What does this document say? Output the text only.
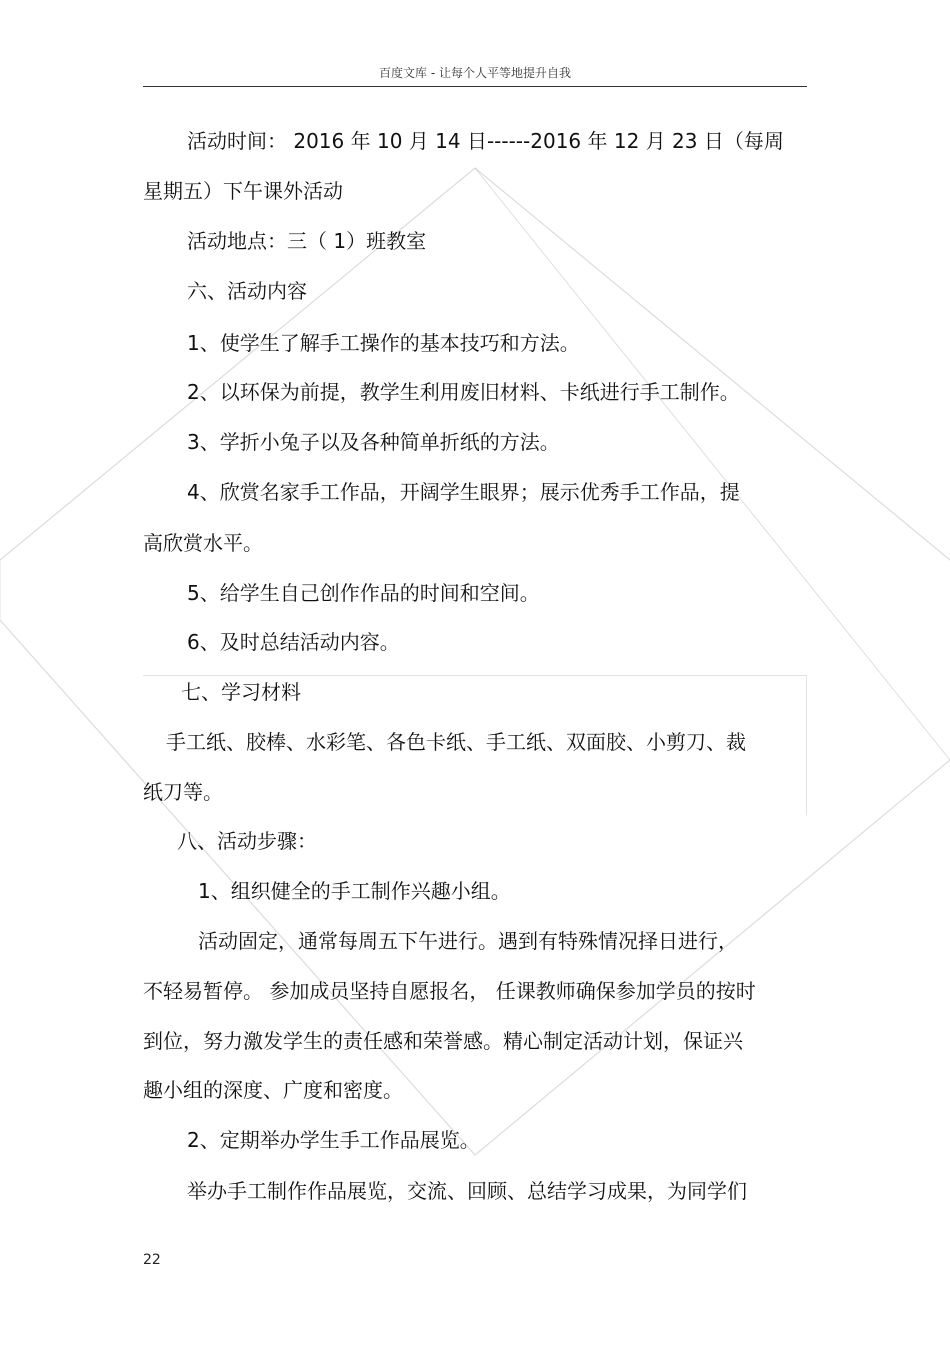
百度文库 - 让每个人平等地提升自我
活动时间： 2016 年 10 月 14 日------2016 年 12 月 23 日（每周
星期五）下午课外活动
活动地点：三（ 1）班教室
六、活动内容
1、使学生了解手工操作的基本技巧和方法。
2、以环保为前提，教学生利用废旧材料、卡纸进行手工制作。
3、学折小兔子以及各种简单折纸的方法。
4、欣赏名家手工作品，开阔学生眼界；展示优秀手工作品，提
高欣赏水平。
5、给学生自己创作作品的时间和空间。
6、及时总结活动内容。
七、学习材料
手工纸、胶棒、水彩笔、各色卡纸、手工纸、双面胶、小剪刀、裁
纸刀等。
八、活动步骤：
1、组织健全的手工制作兴趣小组。
活动固定，通常每周五下午进行。遇到有特殊情况择日进行，
不轻易暂停。 参加成员坚持自愿报名， 任课教师确保参加学员的按时
到位，努力激发学生的责任感和荣誉感。精心制定活动计划，保证兴
趣小组的深度、广度和密度。
2、定期举办学生手工作品展览。
举办手工制作作品展览，交流、回顾、总结学习成果，为同学们
22
